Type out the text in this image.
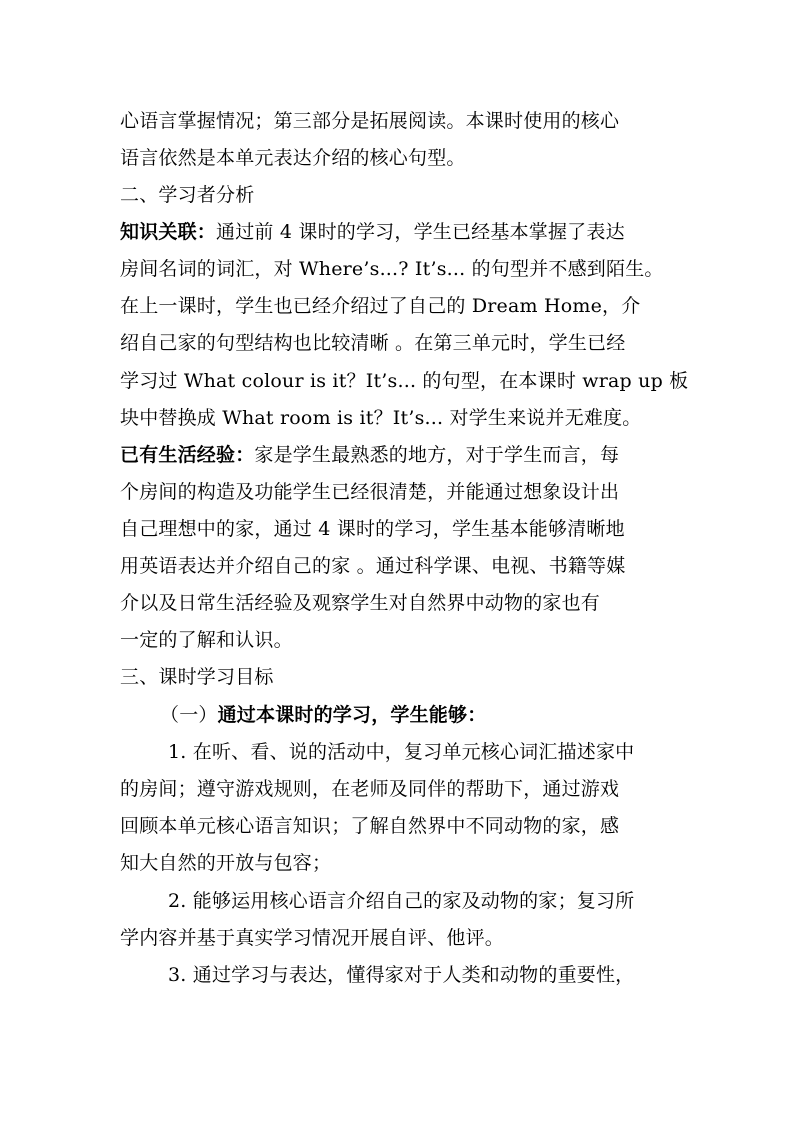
心语言掌握情况；第三部分是拓展阅读。本课时使用的核心
语言依然是本单元表达介绍的核心句型。
二、学习者分析
知识关联：通过前 4 课时的学习，学生已经基本掌握了表达
房间名词的词汇，对 Where’s...? It’s... 的句型并不感到陌生。
在上一课时，学生也已经介绍过了自己的 Dream Home，介
绍自己家的句型结构也比较清晰 。在第三单元时，学生已经
学习过 What colour is it？It’s... 的句型，在本课时 wrap up 板
块中替换成 What room is it？It’s... 对学生来说并无难度。
已有生活经验：家是学生最熟悉的地方，对于学生而言，每
个房间的构造及功能学生已经很清楚，并能通过想象设计出
自己理想中的家，通过 4 课时的学习，学生基本能够清晰地
用英语表达并介绍自己的家 。通过科学课、电视、书籍等媒
介以及日常生活经验及观察学生对自然界中动物的家也有
一定的了解和认识。
三、课时学习目标
（一）通过本课时的学习，学生能够：
1. 在听、看、说的活动中，复习单元核心词汇描述家中
的房间；遵守游戏规则，在老师及同伴的帮助下，通过游戏
回顾本单元核心语言知识；了解自然界中不同动物的家，感
知大自然的开放与包容；
2. 能够运用核心语言介绍自己的家及动物的家；复习所
学内容并基于真实学习情况开展自评、他评。
3. 通过学习与表达，懂得家对于人类和动物的重要性，
